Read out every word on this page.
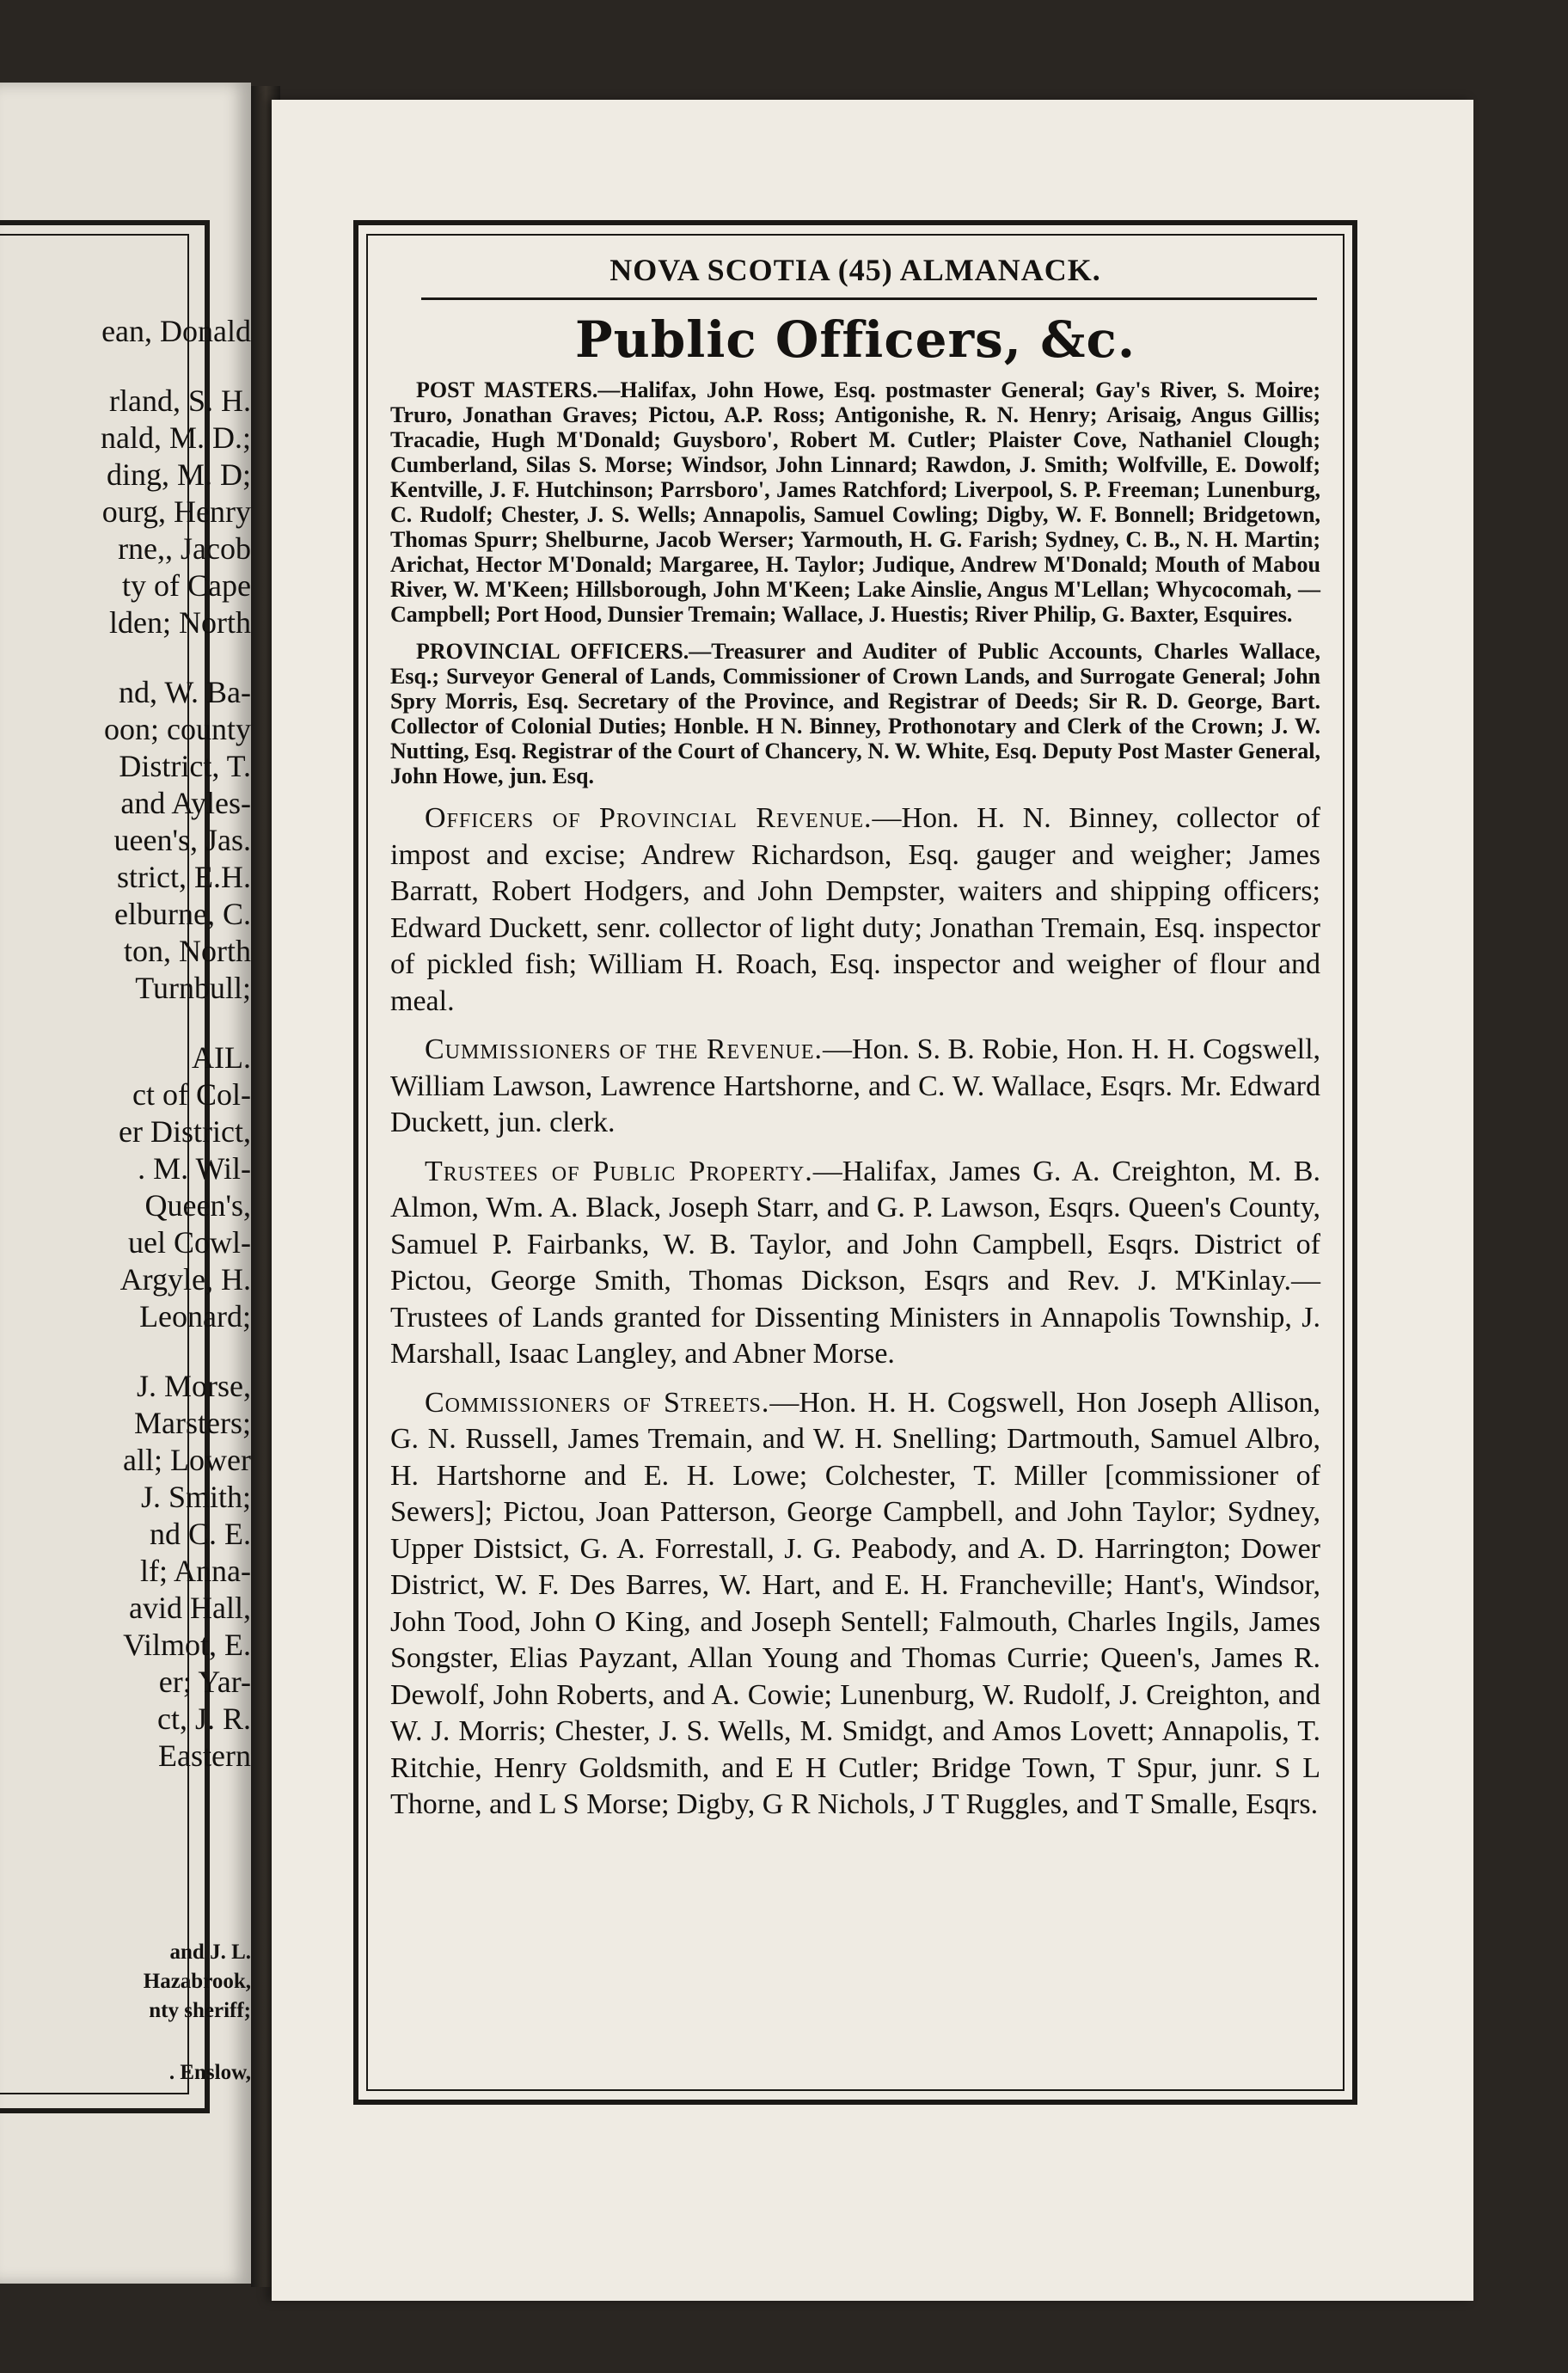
ean, Donald
rland, S. H.
nald, M. D.;
ding, M. D;
ourg, Henry
rne,, Jacob
ty of Cape
lden; North
nd, W. Ba-
oon; county
District, T.
and Ayles-
ueen's, Jas.
strict, E.H.
elburne, C.
ton, North
Turnbull;
AIL.
ct of Col-
er District,
. M. Wil-
Queen's,
uel Cowl-
Argyle, H.
Leonard;
J. Morse,
Marsters;
all; Lower
J. Smith;
nd C. E.
lf; Anna-
avid Hall,
Vilmot, E.
er; Yar-
ct, J. R.
Eastern
and J. L.
Hazabrook,
nty sheriff;
. Enslow,
NOVA SCOTIA (45) ALMANACK.
Public Officers, &c.

POST MASTERS.—Halifax, John Howe, Esq. postmaster General; Gay's River, S. Moire; Truro, Jonathan Graves; Pictou, A.P. Ross; Antigonishe, R. N. Henry; Arisaig, Angus Gillis; Tracadie, Hugh M'Donald; Guysboro', Robert M. Cutler; Plaister Cove, Nathaniel Clough; Cumberland, Silas S. Morse; Windsor, John Linnard; Rawdon, J. Smith; Wolfville, E. Dowolf; Kentville, J. F. Hutchinson; Parrsboro', James Ratchford; Liverpool, S. P. Freeman; Lunenburg, C. Rudolf; Chester, J. S. Wells; Annapolis, Samuel Cowling; Digby, W. F. Bonnell; Bridgetown, Thomas Spurr; Shelburne, Jacob Werser; Yarmouth, H. G. Farish; Sydney, C. B., N. H. Martin; Arichat, Hector M'Donald; Margaree, H. Taylor; Judique, Andrew M'Donald; Mouth of Mabou River, W. M'Keen; Hillsborough, John M'Keen; Lake Ainslie, Angus M'Lellan; Whycocomah, — Campbell; Port Hood, Dunsier Tremain; Wallace, J. Huestis; River Philip, G. Baxter, Esquires.

PROVINCIAL OFFICERS.—Treasurer and Auditer of Public Accounts, Charles Wallace, Esq.; Surveyor General of Lands, Commissioner of Crown Lands, and Surrogate General; John Spry Morris, Esq. Secretary of the Province, and Registrar of Deeds; Sir R. D. George, Bart. Collector of Colonial Duties; Honble. H N. Binney, Prothonotary and Clerk of the Crown; J. W. Nutting, Esq. Registrar of the Court of Chancery, N. W. White, Esq. Deputy Post Master General, John Howe, jun. Esq.

Officers of Provincial Revenue.—Hon. H. N. Binney, collector of impost and excise; Andrew Richardson, Esq. gauger and weigher; James Barratt, Robert Hodgers, and John Dempster, waiters and shipping officers; Edward Duckett, senr. collector of light duty; Jonathan Tremain, Esq. inspector of pickled fish; William H. Roach, Esq. inspector and weigher of flour and meal.

Cummissioners of the Revenue.—Hon. S. B. Robie, Hon. H. H. Cogswell, William Lawson, Lawrence Hartshorne, and C. W. Wallace, Esqrs. Mr. Edward Duckett, jun. clerk.

Trustees of Public Property.—Halifax, James G. A. Creighton, M. B. Almon, Wm. A. Black, Joseph Starr, and G. P. Lawson, Esqrs. Queen's County, Samuel P. Fairbanks, W. B. Taylor, and John Campbell, Esqrs. District of Pictou, George Smith, Thomas Dickson, Esqrs and Rev. J. M'Kinlay.—Trustees of Lands granted for Dissenting Ministers in Annapolis Township, J. Marshall, Isaac Langley, and Abner Morse.

Commissioners of Streets.—Hon. H. H. Cogswell, Hon Joseph Allison, G. N. Russell, James Tremain, and W. H. Snelling; Dartmouth, Samuel Albro, H. Hartshorne and E. H. Lowe; Colchester, T. Miller [commissioner of Sewers]; Pictou, Joan Patterson, George Campbell, and John Taylor; Sydney, Upper Distsict, G. A. Forrestall, J. G. Peabody, and A. D. Harrington; Dower District, W. F. Des Barres, W. Hart, and E. H. Francheville; Hant's, Windsor, John Tood, John O King, and Joseph Sentell; Falmouth, Charles Ingils, James Songster, Elias Payzant, Allan Young and Thomas Currie; Queen's, James R. Dewolf, John Roberts, and A. Cowie; Lunenburg, W. Rudolf, J. Creighton, and W. J. Morris; Chester, J. S. Wells, M. Smidgt, and Amos Lovett; Annapolis, T. Ritchie, Henry Goldsmith, and E H Cutler; Bridge Town, T Spur, junr. S L Thorne, and L S Morse; Digby, G R Nichols, J T Ruggles, and T Smalle, Esqrs.
